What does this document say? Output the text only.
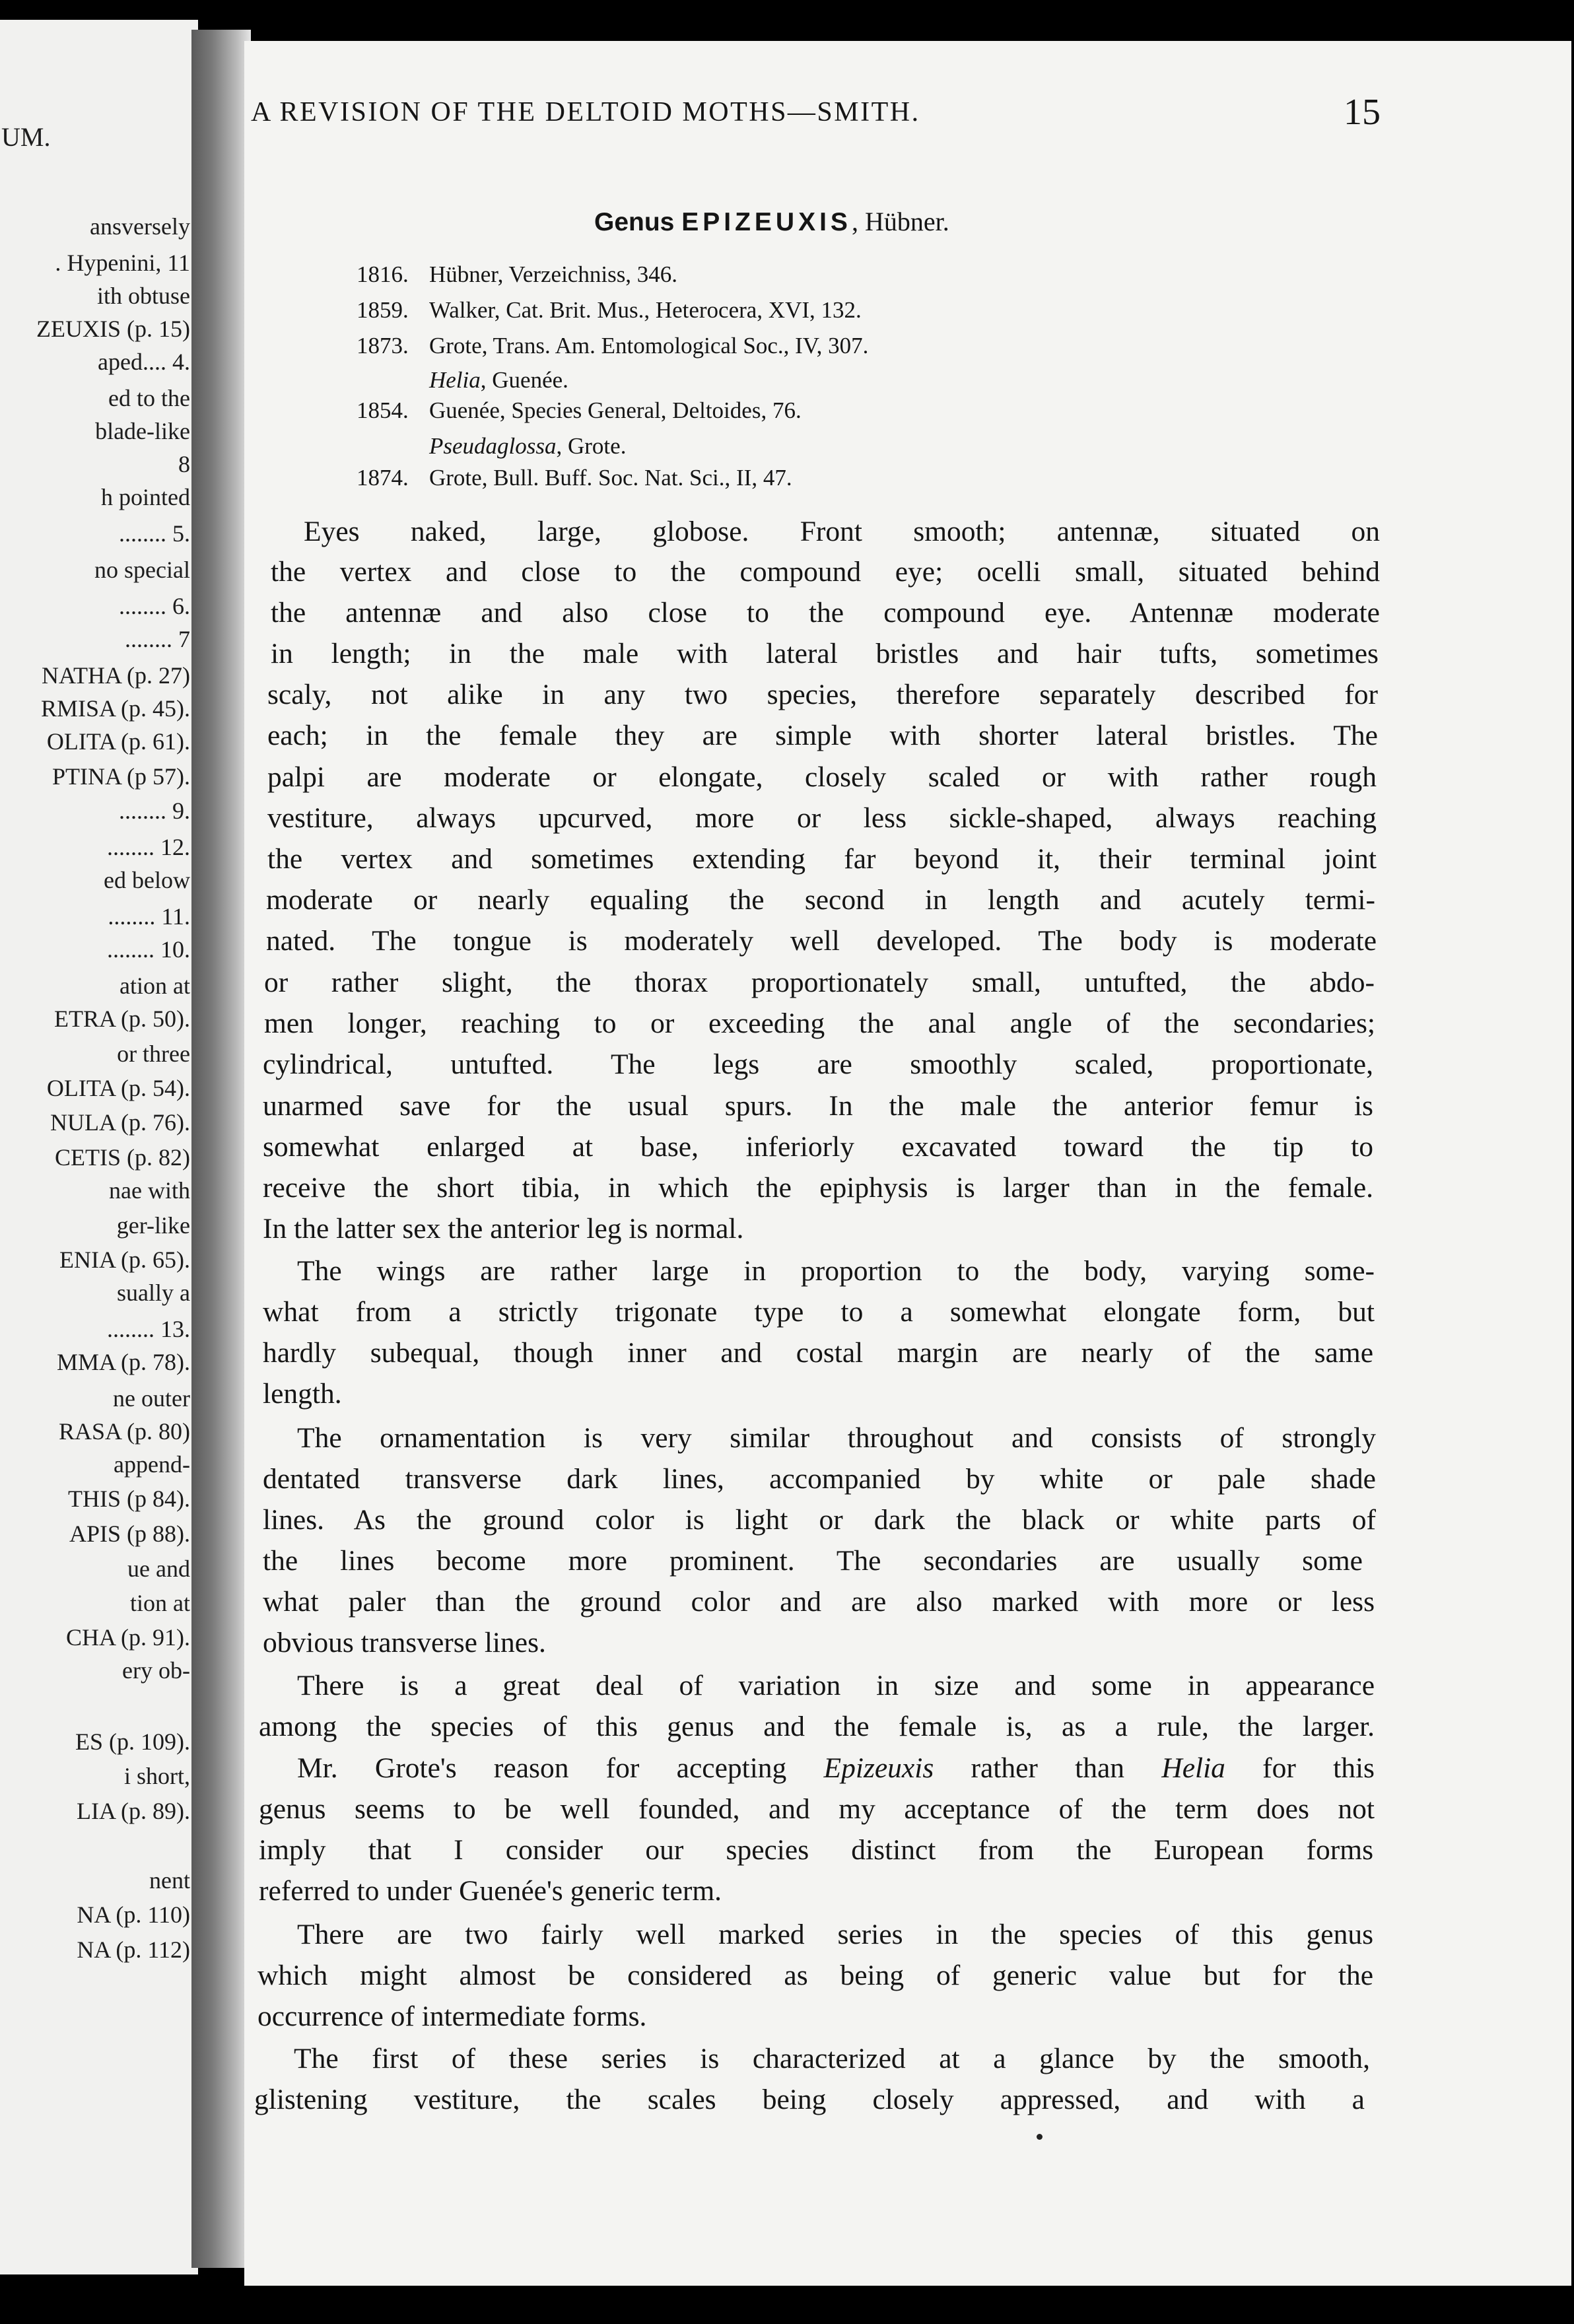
UM.
ansversely
. Hypenini, 11
ith obtuse
ZEUXIS (p. 15)
aped.... 4.
ed to the
blade-like
8
h pointed
........ 5.
no special
........ 6.
........ 7
NATHA (p. 27)
RMISA (p. 45).
OLITA (p. 61).
PTINA (p 57).
........ 9.
........ 12.
ed below
........ 11.
........ 10.
ation at
ETRA (p. 50).
or three
OLITA (p. 54).
NULA (p. 76).
CETIS (p. 82)
nae with
ger-like
ENIA (p. 65).
sually a
........ 13.
MMA (p. 78).
ne outer
RASA (p. 80)
append-
THIS (p 84).
APIS (p 88).
ue and
tion at
CHA (p. 91).
ery ob-
ES (p. 109).
i short,
LIA (p. 89).
nent
NA (p. 110)
NA (p. 112)
A REVISION OF THE DELTOID MOTHS—SMITH.	15
Genus EPIZEUXIS, Hübner.
1816. Hübner, Verzeichniss, 346.
1859. Walker, Cat. Brit. Mus., Heterocera, XVI, 132.
1873. Grote, Trans. Am. Entomological Soc., IV, 307.
Helia, Guenée.
1854. Guenée, Species General, Deltoides, 76.
Pseudaglossa, Grote.
1874. Grote, Bull. Buff. Soc. Nat. Sci., II, 47.
Eyes naked, large, globose. Front smooth; antennæ, situated on
the vertex and close to the compound eye; ocelli small, situated behind
the antennæ and also close to the compound eye. Antennæ moderate
in length; in the male with lateral bristles and hair tufts, sometimes
scaly, not alike in any two species, therefore separately described for
each; in the female they are simple with shorter lateral bristles. The
palpi are moderate or elongate, closely scaled or with rather rough
vestiture, always upcurved, more or less sickle-shaped, always reaching
the vertex and sometimes extending far beyond it, their terminal joint
moderate or nearly equaling the second in length and acutely termi-
nated. The tongue is moderately well developed. The body is moderate
or rather slight, the thorax proportionately small, untufted, the abdo-
men longer, reaching to or exceeding the anal angle of the secondaries;
cylindrical, untufted. The legs are smoothly scaled, proportionate,
unarmed save for the usual spurs. In the male the anterior femur is
somewhat enlarged at base, inferiorly excavated toward the tip to
receive the short tibia, in which the epiphysis is larger than in the female.
In the latter sex the anterior leg is normal.
The wings are rather large in proportion to the body, varying some-
what from a strictly trigonate type to a somewhat elongate form, but
hardly subequal, though inner and costal margin are nearly of the same
length.
The ornamentation is very similar throughout and consists of strongly
dentated transverse dark lines, accompanied by white or pale shade
lines. As the ground color is light or dark the black or white parts of
the lines become more prominent. The secondaries are usually some
what paler than the ground color and are also marked with more or less
obvious transverse lines.
There is a great deal of variation in size and some in appearance
among the species of this genus and the female is, as a rule, the larger.
Mr. Grote's reason for accepting Epizeuxis rather than Helia for this
genus seems to be well founded, and my acceptance of the term does not
imply that I consider our species distinct from the European forms
referred to under Guenée's generic term.
There are two fairly well marked series in the species of this genus
which might almost be considered as being of generic value but for the
occurrence of intermediate forms.
The first of these series is characterized at a glance by the smooth,
glistening vestiture, the scales being closely appressed, and with a
